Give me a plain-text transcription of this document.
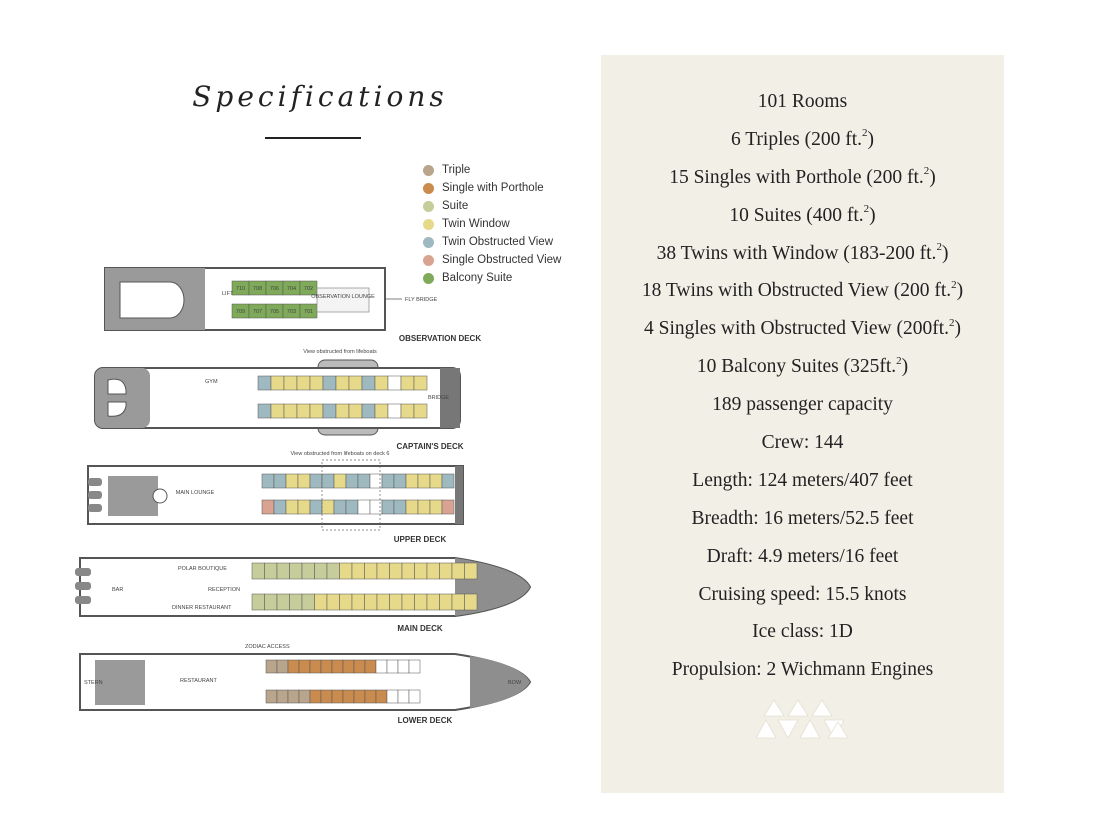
Specifications
Triple
Single with Porthole
Suite
Twin Window
Twin Obstructed View
Single Obstructed View
Balcony Suite
710 708 706 704 702
709 707 705 703 701
OBSERVATION LOUNGE
LIFT
FLY BRIDGE
OBSERVATION DECK
GYM
BRIDGE
View obstructed from lifeboats
CAPTAIN'S DECK
MAIN LOUNGE
View obstructed from lifeboats on deck 6
UPPER DECK
BAR
POLAR BOUTIQUE
RECEPTION
DINNER RESTAURANT
MAIN DECK
STERN	RESTAURANT	BOW
ZODIAC ACCESS
LOWER DECK
101 Rooms
6 Triples (200 ft.$^2$)
15 Singles with Porthole (200 ft.$^2$)
10 Suites (400 ft.$^2$)
38 Twins with Window (183-200 ft.$^2$)
18 Twins with Obstructed View (200 ft.$^2$)
4 Singles with Obstructed View (200ft.$^2$)
10 Balcony Suites (325ft.$^2$)
189 passenger capacity
Crew: 144
Length: 124 meters/407 feet
Breadth: 16 meters/52.5 feet
Draft: 4.9 meters/16 feet
Cruising speed: 15.5 knots
Ice class: 1D
Propulsion: 2 Wichmann Engines
